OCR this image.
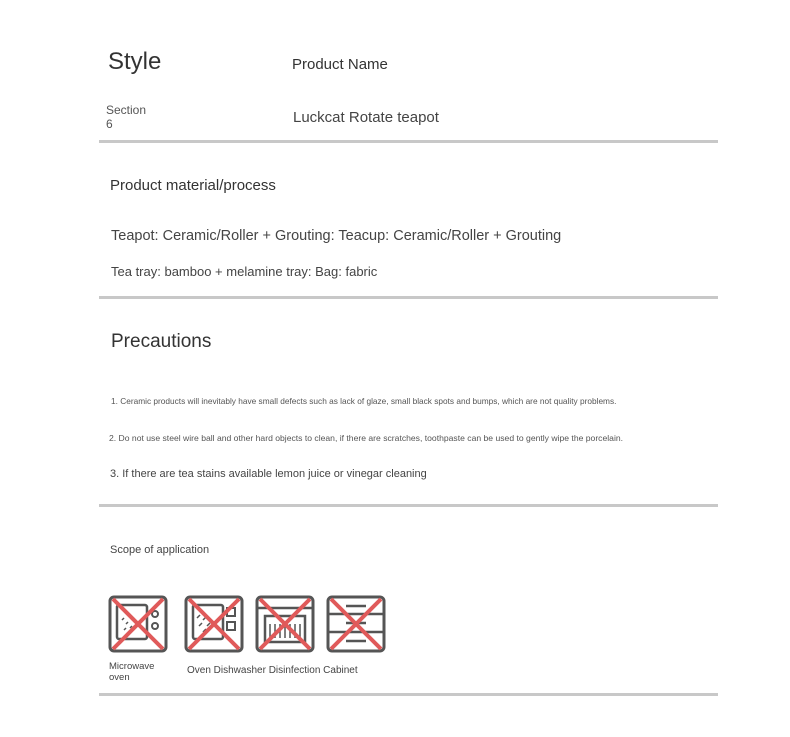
Style	Product Name
Section
6	Luckcat Rotate teapot
Product material/process
Teapot: Ceramic/Roller + Grouting: Teacup: Ceramic/Roller + Grouting
Tea tray: bamboo + melamine tray: Bag: fabric
Precautions
1. Ceramic products will inevitably have small defects such as lack of glaze, small black spots and bumps, which are not quality problems.
2. Do not use steel wire ball and other hard objects to clean, if there are scratches, toothpaste can be used to gently wipe the porcelain.
3. If there are tea stains available lemon juice or vinegar cleaning
Scope of application
Microwave oven
Oven Dishwasher Disinfection Cabinet
